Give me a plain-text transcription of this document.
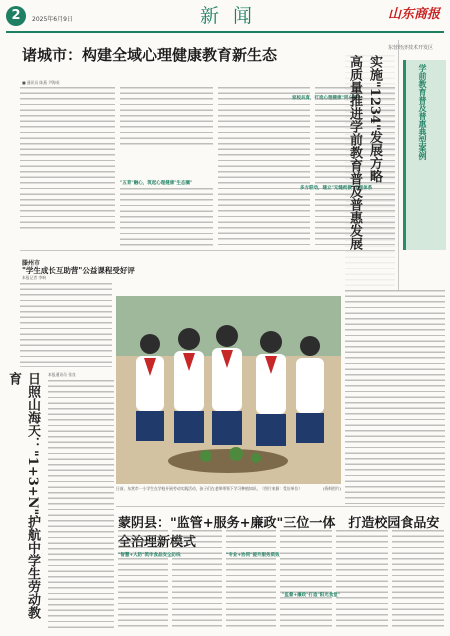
2	2025年6月9日	新 闻	山东商报
诸城市：构建全域心理健康教育新生态
■ 通讯员 陈燕 尹海英
"五育"融心，筑起心理健康"生态圈"
家校共育，打造心理健康"同心圆"
多方联动，建立"无缝衔接"干预体系
学前教育普及普惠典型案例
东营经济技术开发区
实施"1234"发展方略
高质量推进学前教育普及普惠发展
滕州市
"学生成长互助营"公益课程受好评
本报记者 李响
日照山海天："1+3+N"护航中学生劳动教育	本报通讯员 张良
日前，东营市一小学生在学校开展劳动实践活动，孩子们在老师带领下学习种植知识。（图片来源：受访单位）	(资料图片)
蒙阴县："监管+服务+廉政"三位一体　打造校园食品安全治理新模式
"智慧+人防"筑牢食品安全防线	"专业+协同"提升服务质效
"监督+廉政"打造"阳光食堂"
